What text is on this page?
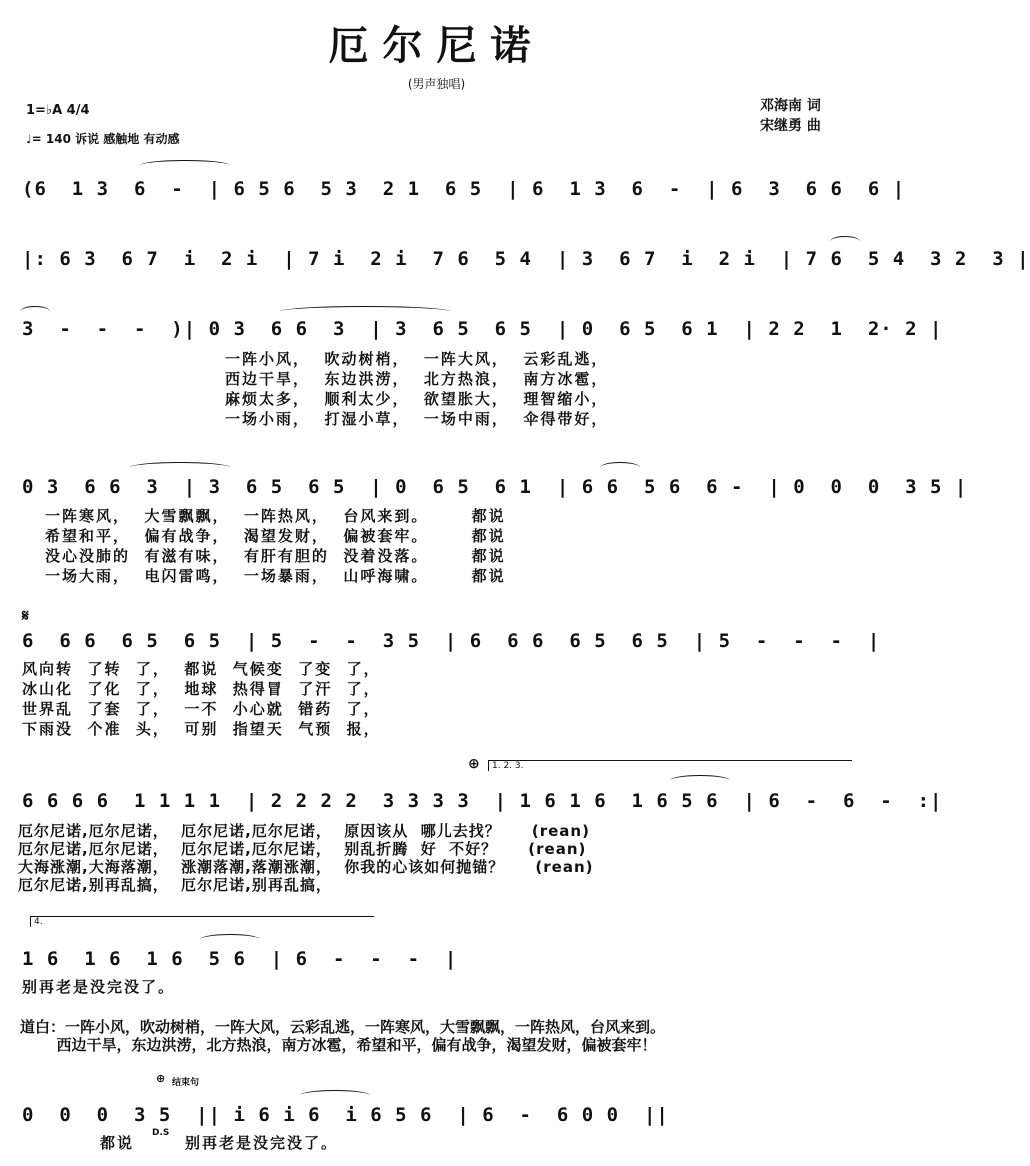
厄尔尼诺
(男声独唱)
邓海南 词
宋继勇 曲
1=♭A 4/4
♩= 140 诉说 感触地 有动感
(6  1 3  6  -  | 6 5 6  5 3  2 1  6 5  | 6  1 3  6  -  | 6  3  6 6  6 |
|: 6 3  6 7  i  2 i  | 7 i  2 i  7 6  5 4  | 3  6 7  i  2 i  | 7 6  5 4  3 2  3 |
3  -  -  -  )| 0 3  6 6  3  | 3  6 5  6 5  | 0  6 5  6 1  | 2 2  1  2· 2 |
一阵小风，  吹动树梢，  一阵大风，  云彩乱逃，
西边干旱，  东边洪涝，  北方热浪，  南方冰雹，
麻烦太多，  顺利太少，  欲望胀大，  理智缩小，
一场小雨，  打湿小草，  一场中雨，  伞得带好，
0 3  6 6  3  | 3  6 5  6 5  | 0  6 5  6 1  | 6 6  5 6  6 -  | 0  0  0  3 5 |
一阵寒风，  大雪飘飘，  一阵热风，  台风来到。      都说
希望和平，  偏有战争，  渴望发财，  偏被套牢。      都说
没心没肺的  有滋有味，  有肝有胆的  没着没落。      都说
一场大雨，  电闪雷鸣，  一场暴雨，  山呼海啸。      都说
𝄋
6  6 6  6 5  6 5  | 5  -  -  3 5  | 6  6 6  6 5  6 5  | 5  -  -  -  |
风向转  了转  了，  都说  气候变  了变  了，
冰山化  了化  了，  地球  热得冒  了汗  了，
世界乱  了套  了，  一不  小心就  错药  了，
下雨没  个准  头，  可别  指望天  气预  报，
⊕	1. 2. 3.
6 6 6 6  1 1 1 1  | 2 2 2 2  3 3 3 3  | 1 6 1 6  1 6 5 6  | 6  -  6  -  :|
厄尔尼诺,厄尔尼诺，  厄尔尼诺,厄尔尼诺，  原因该从  哪儿去找？     (rean)
厄尔尼诺,厄尔尼诺，  厄尔尼诺,厄尔尼诺，  别乱折腾  好  不好？     (rean)
大海涨潮,大海落潮，  涨潮落潮,落潮涨潮，  你我的心该如何抛锚？     (rean)
厄尔尼诺,别再乱搞，  厄尔尼诺,别再乱搞，
4.
1 6  1 6  1 6  5 6  | 6  -  -  -  |
别再老是没完没了。
道白：一阵小风，吹动树梢，一阵大风，云彩乱逃，一阵寒风，大雪飘飘，一阵热风，台风来到。
西边干旱，东边洪涝，北方热浪，南方冰雹，希望和平，偏有战争，渴望发财，偏被套牢！
⊕ 结束句
0  0  0  3 5  || i 6 i 6  i 6 5 6  | 6  -  6 0 0  ||
都说
D.S
别再老是没完没了。
